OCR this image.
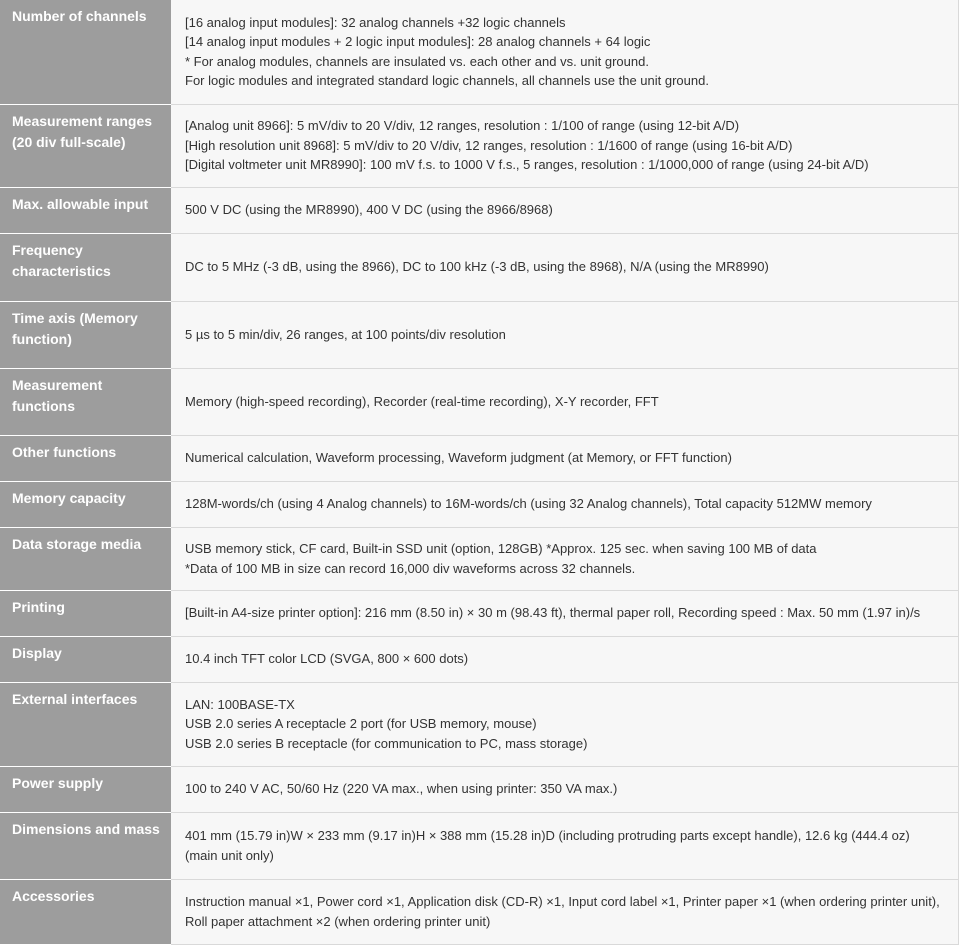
Number of channels	[16 analog input modules]: 32 analog channels +32 logic channels
[14 analog input modules + 2 logic input modules]: 28 analog channels + 64 logic
* For analog modules, channels are insulated vs. each other and vs. unit ground.
For logic modules and integrated standard logic channels, all channels use the unit ground.

Measurement ranges (20 div full-scale)	[Analog unit 8966]: 5 mV/div to 20 V/div, 12 ranges, resolution : 1/100 of range (using 12-bit A/D)
[High resolution unit 8968]: 5 mV/div to 20 V/div, 12 ranges, resolution : 1/1600 of range (using 16-bit A/D)
[Digital voltmeter unit MR8990]: 100 mV f.s. to 1000 V f.s., 5 ranges, resolution : 1/1000,000 of range (using 24-bit A/D)

Max. allowable input	500 V DC (using the MR8990), 400 V DC (using the 8966/8968)

Frequency characteristics	DC to 5 MHz (-3 dB, using the 8966), DC to 100 kHz (-3 dB, using the 8968), N/A (using the MR8990)

Time axis (Memory function)	5 µs to 5 min/div, 26 ranges, at 100 points/div resolution

Measurement functions	Memory (high-speed recording), Recorder (real-time recording), X-Y recorder, FFT

Other functions	Numerical calculation, Waveform processing, Waveform judgment (at Memory, or FFT function)

Memory capacity	128M-words/ch (using 4 Analog channels) to 16M-words/ch (using 32 Analog channels), Total capacity 512MW memory

Data storage media	USB memory stick, CF card, Built-in SSD unit (option, 128GB) *Approx. 125 sec. when saving 100 MB of data
*Data of 100 MB in size can record 16,000 div waveforms across 32 channels.

Printing	[Built-in A4-size printer option]: 216 mm (8.50 in) × 30 m (98.43 ft), thermal paper roll, Recording speed : Max. 50 mm (1.97 in)/s

Display	10.4 inch TFT color LCD (SVGA, 800 × 600 dots)

External interfaces	LAN: 100BASE-TX
USB 2.0 series A receptacle 2 port (for USB memory, mouse)
USB 2.0 series B receptacle (for communication to PC, mass storage)

Power supply	100 to 240 V AC, 50/60 Hz (220 VA max., when using printer: 350 VA max.)

Dimensions and mass	401 mm (15.79 in)W × 233 mm (9.17 in)H × 388 mm (15.28 in)D (including protruding parts except handle), 12.6 kg (444.4 oz)
(main unit only)

Accessories	Instruction manual ×1, Power cord ×1, Application disk (CD-R) ×1, Input cord label ×1, Printer paper ×1 (when ordering printer unit),
Roll paper attachment ×2 (when ordering printer unit)
